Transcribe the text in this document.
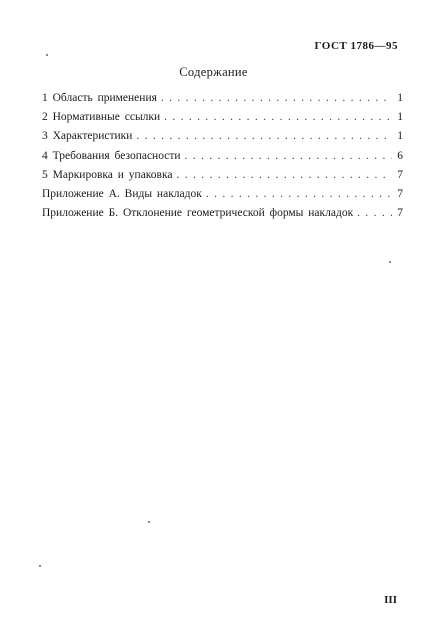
ГОСТ 1786—95
Содержание
1 Область применения . . .	1
2 Нормативные ссылки . . .	1
3 Характеристики . . .	1
4 Требования безопасности . . .	6
5 Маркировка и упаковка . . .	7
Приложение А. Виды накладок . . .	7
Приложение Б. Отклонение геометрической формы накладок . . .	7
III
